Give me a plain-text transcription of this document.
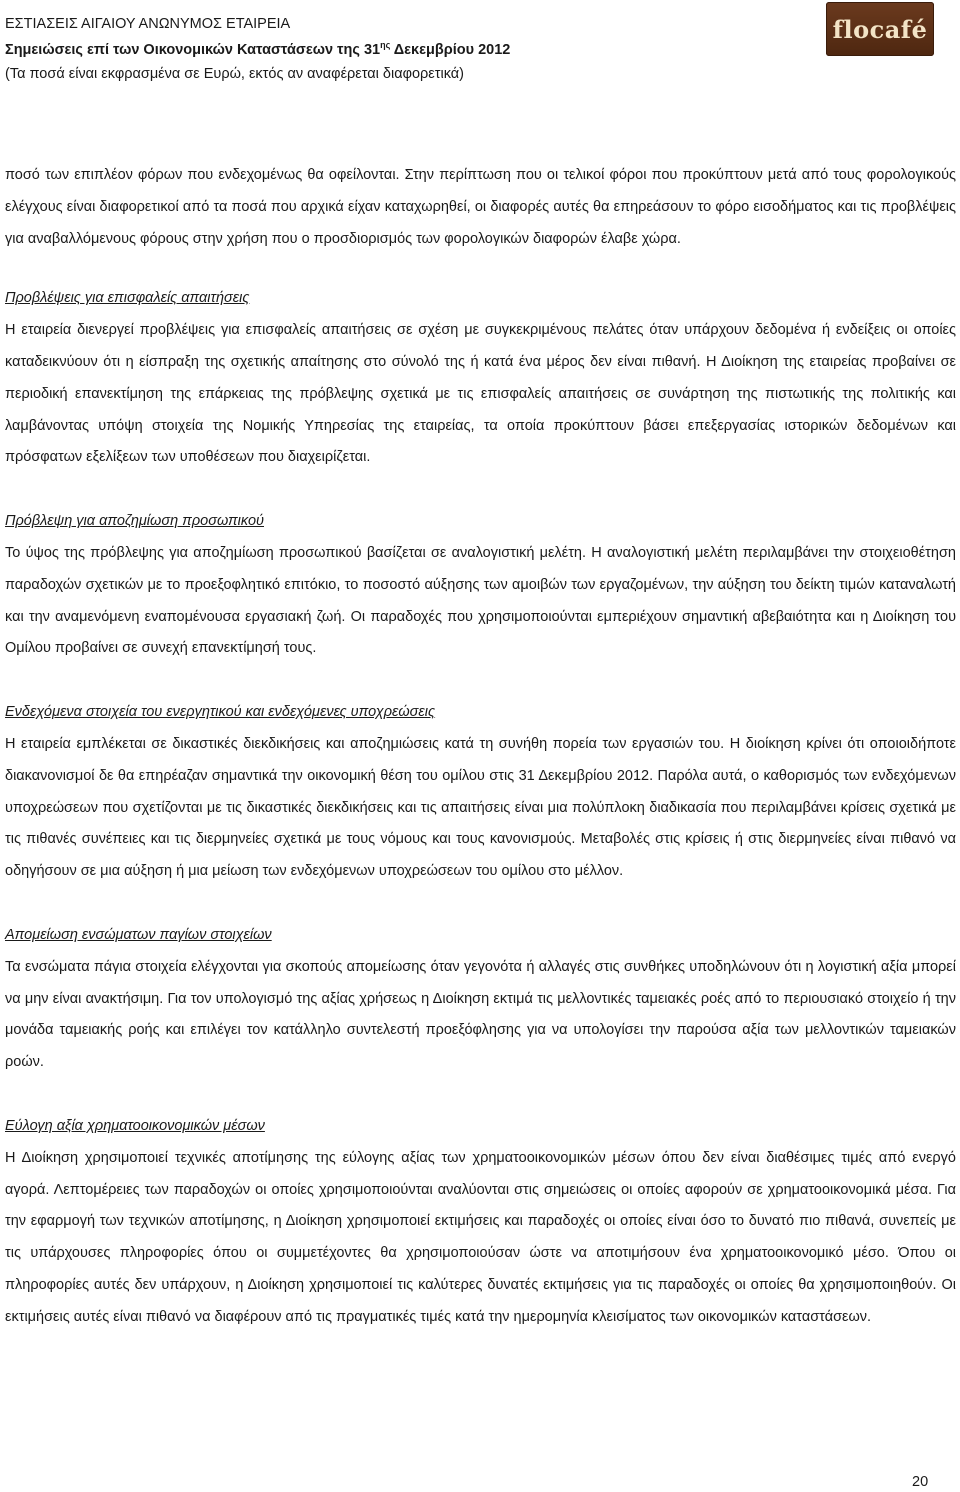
ΕΣΤΙΑΣΕΙΣ ΑΙΓΑΙΟΥ ΑΝΩΝΥΜΟΣ ΕΤΑΙΡΕΙΑ
Σημειώσεις επί των Οικονομικών Καταστάσεων της $31^{\eta\varsigma}$ Δεκεμβρίου 2012
(Τα ποσά είναι εκφρασμένα σε Ευρώ, εκτός αν αναφέρεται διαφορετικά)
flocafé

ποσό των επιπλέον φόρων που ενδεχομένως θα οφείλονται. Στην περίπτωση που οι τελικοί φόροι που προκύπτουν μετά από τους φορολογικούς ελέγχους είναι διαφορετικοί από τα ποσά που αρχικά είχαν καταχωρηθεί, οι διαφορές αυτές θα επηρεάσουν το φόρο εισοδήματος και τις προβλέψεις για αναβαλλόμενους φόρους στην χρήση που ο προσδιορισμός των φορολογικών διαφορών έλαβε χώρα.

Προβλέψεις για επισφαλείς απαιτήσεις

Η εταιρεία διενεργεί προβλέψεις για επισφαλείς απαιτήσεις σε σχέση με συγκεκριμένους πελάτες όταν υπάρχουν δεδομένα ή ενδείξεις οι οποίες καταδεικνύουν ότι η είσπραξη της σχετικής απαίτησης στο σύνολό της ή κατά ένα μέρος δεν είναι πιθανή. Η Διοίκηση της εταιρείας προβαίνει σε περιοδική επανεκτίμηση της επάρκειας της πρόβλεψης σχετικά με τις επισφαλείς απαιτήσεις σε συνάρτηση της πιστωτικής της πολιτικής και λαμβάνοντας υπόψη στοιχεία της Νομικής Υπηρεσίας της εταιρείας, τα οποία προκύπτουν βάσει επεξεργασίας ιστορικών δεδομένων και πρόσφατων εξελίξεων των υποθέσεων που διαχειρίζεται.

Πρόβλεψη για αποζημίωση προσωπικού

Το ύψος της πρόβλεψης για αποζημίωση προσωπικού βασίζεται σε αναλογιστική μελέτη. Η αναλογιστική μελέτη περιλαμβάνει την στοιχειοθέτηση παραδοχών σχετικών με το προεξοφλητικό επιτόκιο, το ποσοστό αύξησης των αμοιβών των εργαζομένων, την αύξηση του δείκτη τιμών καταναλωτή και την αναμενόμενη εναπομένουσα εργασιακή ζωή. Οι παραδοχές που χρησιμοποιούνται εμπεριέχουν σημαντική αβεβαιότητα και η Διοίκηση του Ομίλου προβαίνει σε συνεχή επανεκτίμησή τους.

Ενδεχόμενα στοιχεία του ενεργητικού και ενδεχόμενες υποχρεώσεις

Η εταιρεία εμπλέκεται σε δικαστικές διεκδικήσεις και αποζημιώσεις κατά τη συνήθη πορεία των εργασιών του. Η διοίκηση κρίνει ότι οποιοιδήποτε διακανονισμοί δε θα επηρέαζαν σημαντικά την οικονομική θέση του ομίλου στις 31 Δεκεμβρίου 2012. Παρόλα αυτά, ο καθορισμός των ενδεχόμενων υποχρεώσεων που σχετίζονται με τις δικαστικές διεκδικήσεις και τις απαιτήσεις είναι μια πολύπλοκη διαδικασία που περιλαμβάνει κρίσεις σχετικά με τις πιθανές συνέπειες και τις διερμηνείες σχετικά με τους νόμους και τους κανονισμούς. Μεταβολές στις κρίσεις ή στις διερμηνείες είναι πιθανό να οδηγήσουν σε μια αύξηση ή μια μείωση των ενδεχόμενων υποχρεώσεων του ομίλου στο μέλλον.

Απομείωση ενσώματων παγίων στοιχείων

Τα ενσώματα πάγια στοιχεία ελέγχονται για σκοπούς απομείωσης όταν γεγονότα ή αλλαγές στις συνθήκες υποδηλώνουν ότι η λογιστική αξία μπορεί να μην είναι ανακτήσιμη. Για τον υπολογισμό της αξίας χρήσεως η Διοίκηση εκτιμά τις μελλοντικές ταμειακές ροές από το περιουσιακό στοιχείο ή την μονάδα ταμειακής ροής και επιλέγει τον κατάλληλο συντελεστή προεξόφλησης για να υπολογίσει την παρούσα αξία των μελλοντικών ταμειακών ροών.

Εύλογη αξία χρηματοοικονομικών μέσων

Η Διοίκηση χρησιμοποιεί τεχνικές αποτίμησης της εύλογης αξίας των χρηματοοικονομικών μέσων όπου δεν είναι διαθέσιμες τιμές από ενεργό αγορά. Λεπτομέρειες των παραδοχών οι οποίες χρησιμοποιούνται αναλύονται στις σημειώσεις οι οποίες αφορούν σε χρηματοοικονομικά μέσα. Για την εφαρμογή των τεχνικών αποτίμησης, η Διοίκηση χρησιμοποιεί εκτιμήσεις και παραδοχές οι οποίες είναι όσο το δυνατό πιο πιθανά, συνεπείς με τις υπάρχουσες πληροφορίες όπου οι συμμετέχοντες θα χρησιμοποιούσαν ώστε να αποτιμήσουν ένα χρηματοοικονομικό μέσο. Όπου οι πληροφορίες αυτές δεν υπάρχουν, η Διοίκηση χρησιμοποιεί τις καλύτερες δυνατές εκτιμήσεις για τις παραδοχές οι οποίες θα χρησιμοποιηθούν. Οι εκτιμήσεις αυτές είναι πιθανό να διαφέρουν από τις πραγματικές τιμές κατά την ημερομηνία κλεισίματος των οικονομικών καταστάσεων.

20
